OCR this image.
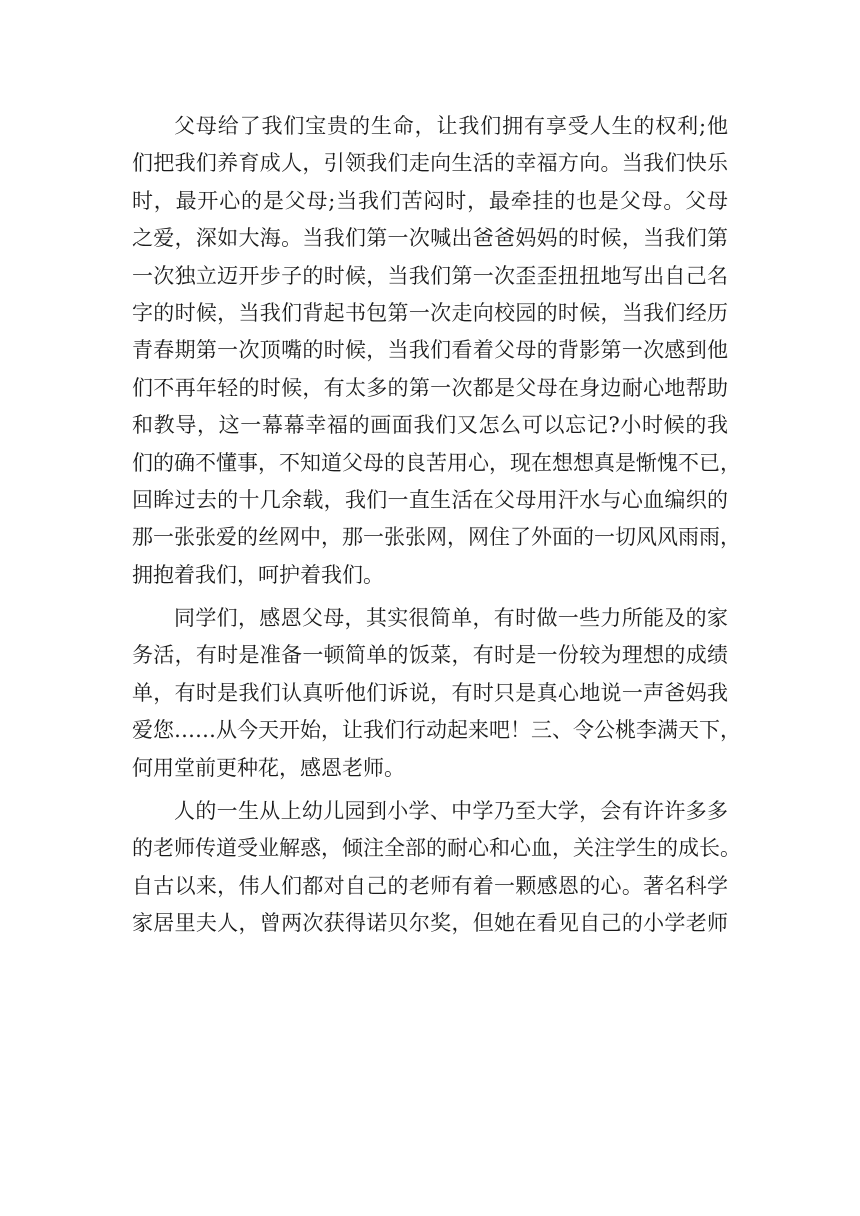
父母给了我们宝贵的生命，让我们拥有享受人生的权利;他
们把我们养育成人，引领我们走向生活的幸福方向。当我们快乐
时，最开心的是父母;当我们苦闷时，最牵挂的也是父母。父母
之爱，深如大海。当我们第一次喊出爸爸妈妈的时候，当我们第
一次独立迈开步子的时候，当我们第一次歪歪扭扭地写出自己名
字的时候，当我们背起书包第一次走向校园的时候，当我们经历
青春期第一次顶嘴的时候，当我们看着父母的背影第一次感到他
们不再年轻的时候，有太多的第一次都是父母在身边耐心地帮助
和教导，这一幕幕幸福的画面我们又怎么可以忘记?小时候的我
们的确不懂事，不知道父母的良苦用心，现在想想真是惭愧不已，
回眸过去的十几余载，我们一直生活在父母用汗水与心血编织的
那一张张爱的丝网中，那一张张网，网住了外面的一切风风雨雨，
拥抱着我们，呵护着我们。
同学们，感恩父母，其实很简单，有时做一些力所能及的家
务活，有时是准备一顿简单的饭菜，有时是一份较为理想的成绩
单，有时是我们认真听他们诉说，有时只是真心地说一声爸妈我
爱您……从今天开始，让我们行动起来吧！三、令公桃李满天下，
何用堂前更种花，感恩老师。
人的一生从上幼儿园到小学、中学乃至大学，会有许许多多
的老师传道受业解惑，倾注全部的耐心和心血，关注学生的成长。
自古以来，伟人们都对自己的老师有着一颗感恩的心。著名科学
家居里夫人，曾两次获得诺贝尔奖，但她在看见自己的小学老师
